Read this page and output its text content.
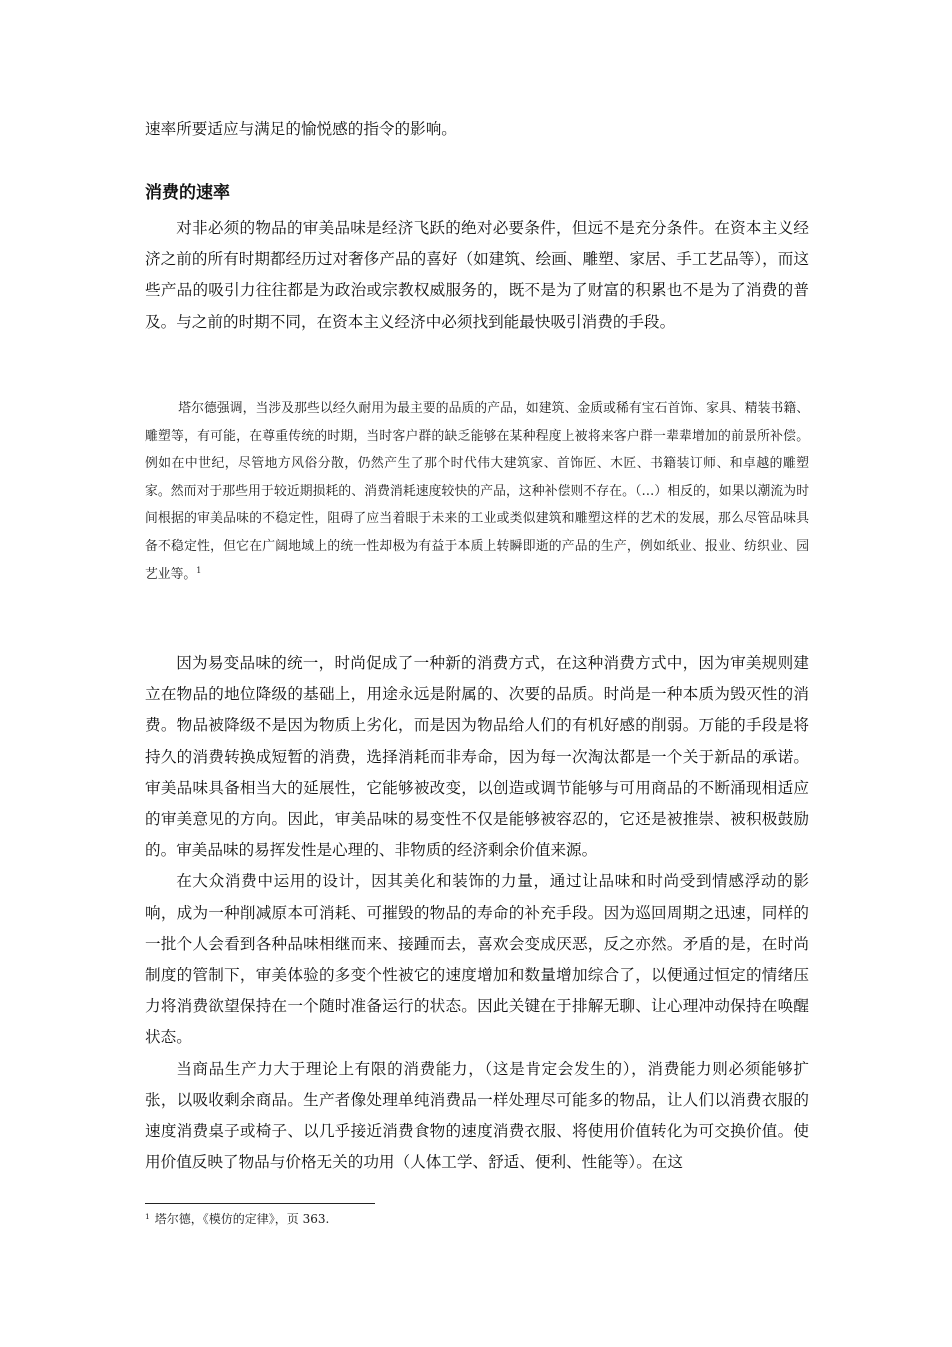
速率所要适应与满足的愉悦感的指令的影响。

消费的速率

对非必须的物品的审美品味是经济飞跃的绝对必要条件，但远不是充分条件。在资本主义经济之前的所有时期都经历过对奢侈产品的喜好（如建筑、绘画、雕塑、家居、手工艺品等），而这些产品的吸引力往往都是为政治或宗教权威服务的，既不是为了财富的积累也不是为了消费的普及。与之前的时期不同，在资本主义经济中必须找到能最快吸引消费的手段。

塔尔德强调，当涉及那些以经久耐用为最主要的品质的产品，如建筑、金质或稀有宝石首饰、家具、精装书籍、雕塑等，有可能，在尊重传统的时期，当时客户群的缺乏能够在某种程度上被将来客户群一辈辈增加的前景所补偿。例如在中世纪，尽管地方风俗分散，仍然产生了那个时代伟大建筑家、首饰匠、木匠、书籍装订师、和卓越的雕塑家。然而对于那些用于较近期损耗的、消费消耗速度较快的产品，这种补偿则不存在。（…）相反的，如果以潮流为时间根据的审美品味的不稳定性，阻碍了应当着眼于未来的工业或类似建筑和雕塑这样的艺术的发展，那么尽管品味具备不稳定性，但它在广阔地域上的统一性却极为有益于本质上转瞬即逝的产品的生产，例如纸业、报业、纺织业、园艺业等。$^1$

因为易变品味的统一，时尚促成了一种新的消费方式，在这种消费方式中，因为审美规则建立在物品的地位降级的基础上，用途永远是附属的、次要的品质。时尚是一种本质为毁灭性的消费。物品被降级不是因为物质上劣化，而是因为物品给人们的有机好感的削弱。万能的手段是将持久的消费转换成短暂的消费，选择消耗而非寿命，因为每一次淘汰都是一个关于新品的承诺。审美品味具备相当大的延展性，它能够被改变，以创造或调节能够与可用商品的不断涌现相适应的审美意见的方向。因此，审美品味的易变性不仅是能够被容忍的，它还是被推崇、被积极鼓励的。审美品味的易挥发性是心理的、非物质的经济剩余价值来源。

在大众消费中运用的设计，因其美化和装饰的力量，通过让品味和时尚受到情感浮动的影响，成为一种削减原本可消耗、可摧毁的物品的寿命的补充手段。因为巡回周期之迅速，同样的一批个人会看到各种品味相继而来、接踵而去，喜欢会变成厌恶，反之亦然。矛盾的是，在时尚制度的管制下，审美体验的多变个性被它的速度增加和数量增加综合了，以便通过恒定的情绪压力将消费欲望保持在一个随时准备运行的状态。因此关键在于排解无聊、让心理冲动保持在唤醒状态。

当商品生产力大于理论上有限的消费能力，（这是肯定会发生的），消费能力则必须能够扩张，以吸收剩余商品。生产者像处理单纯消费品一样处理尽可能多的物品，让人们以消费衣服的速度消费桌子或椅子、以几乎接近消费食物的速度消费衣服、将使用价值转化为可交换价值。使用价值反映了物品与价格无关的功用（人体工学、舒适、便利、性能等）。在这

$^1$ 塔尔德，《模仿的定律》，页 363.
